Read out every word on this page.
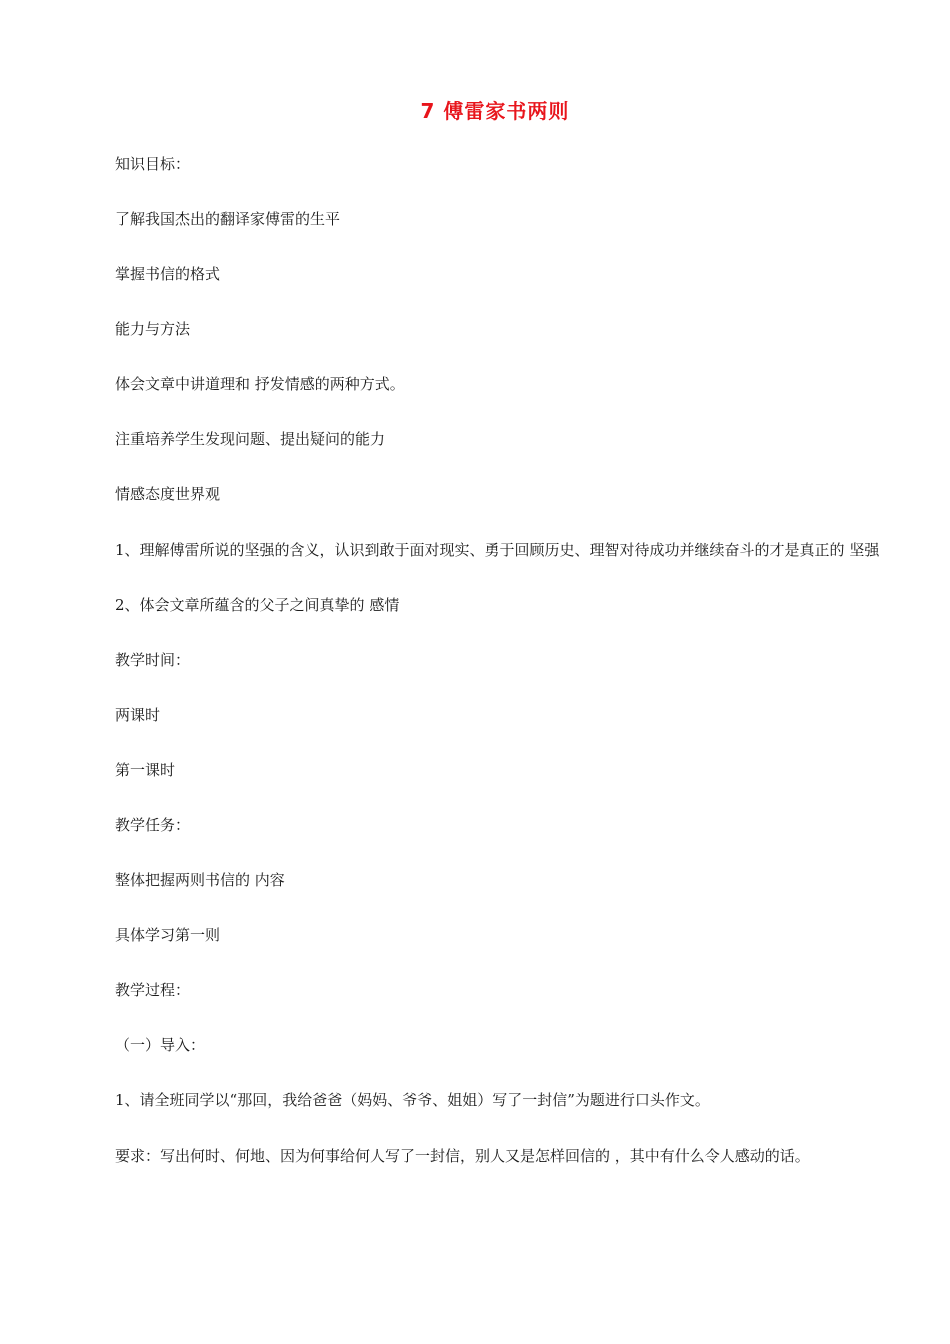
7 傅雷家书两则

知识目标：

了解我国杰出的翻译家傅雷的生平

掌握书信的格式

能力与方法

体会文章中讲道理和 抒发情感的两种方式。

注重培养学生发现问题、提出疑问的能力

情感态度世界观

1、理解傅雷所说的坚强的含义，认识到敢于面对现实、勇于回顾历史、理智对待成功并继续奋斗的才是真正的 坚强

2、体会文章所蕴含的父子之间真挚的 感情

教学时间：

两课时

第一课时

教学任务：

整体把握两则书信的 内容

具体学习第一则

教学过程：

（一）导入：

1、请全班同学以“那回，我给爸爸（妈妈、爷爷、姐姐）写了一封信”为题进行口头作文。

要求：写出何时、何地、因为何事给何人写了一封信，别人又是怎样回信的 ，其中有什么令人感动的话。
